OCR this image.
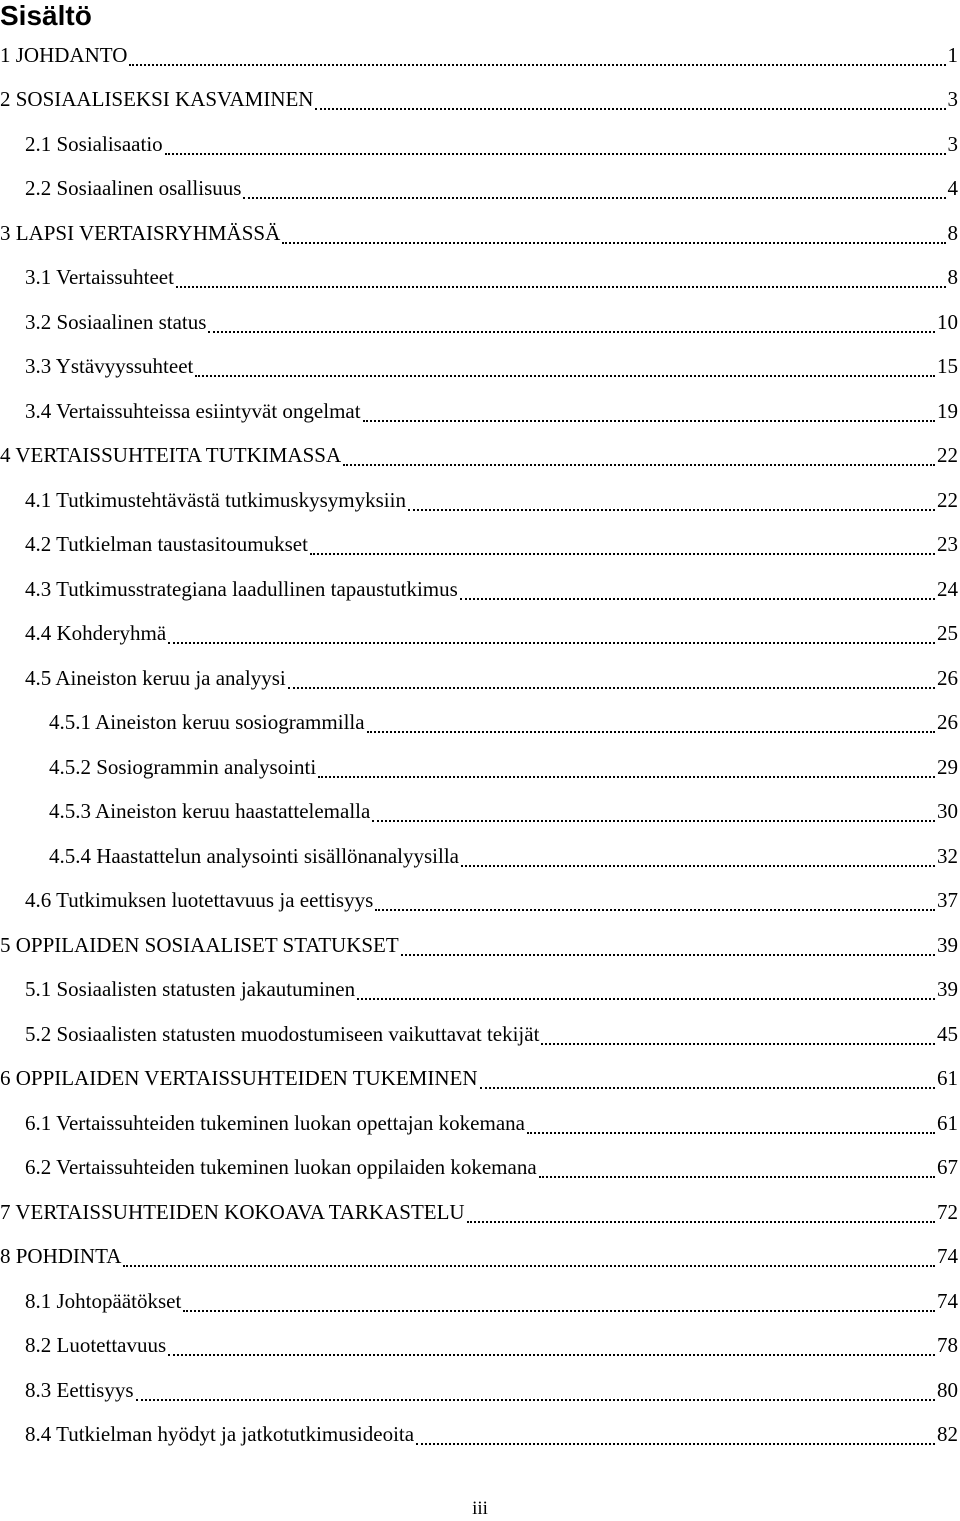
Sisältö
1 JOHDANTO	1
2 SOSIAALISEKSI KASVAMINEN	3
2.1 Sosialisaatio	3
2.2 Sosiaalinen osallisuus	4
3 LAPSI VERTAISRYHMÄSSÄ	8
3.1 Vertaissuhteet	8
3.2 Sosiaalinen status	10
3.3 Ystävyyssuhteet	15
3.4 Vertaissuhteissa esiintyvät ongelmat	19
4 VERTAISSUHTEITA TUTKIMASSA	22
4.1 Tutkimustehtävästä tutkimuskysymyksiin	22
4.2 Tutkielman taustasitoumukset	23
4.3 Tutkimusstrategiana laadullinen tapaustutkimus	24
4.4 Kohderyhmä	25
4.5 Aineiston keruu ja analyysi	26
4.5.1 Aineiston keruu sosiogrammilla	26
4.5.2 Sosiogrammin analysointi	29
4.5.3 Aineiston keruu haastattelemalla	30
4.5.4 Haastattelun analysointi sisällönanalyysilla	32
4.6 Tutkimuksen luotettavuus ja eettisyys	37
5 OPPILAIDEN SOSIAALISET STATUKSET	39
5.1 Sosiaalisten statusten jakautuminen	39
5.2 Sosiaalisten statusten muodostumiseen vaikuttavat tekijät	45
6 OPPILAIDEN VERTAISSUHTEIDEN TUKEMINEN	61
6.1 Vertaissuhteiden tukeminen luokan opettajan kokemana	61
6.2 Vertaissuhteiden tukeminen luokan oppilaiden kokemana	67
7 VERTAISSUHTEIDEN KOKOAVA TARKASTELU	72
8 POHDINTA	74
8.1 Johtopäätökset	74
8.2 Luotettavuus	78
8.3 Eettisyys	80
8.4 Tutkielman hyödyt ja jatkotutkimusideoita	82
iii
